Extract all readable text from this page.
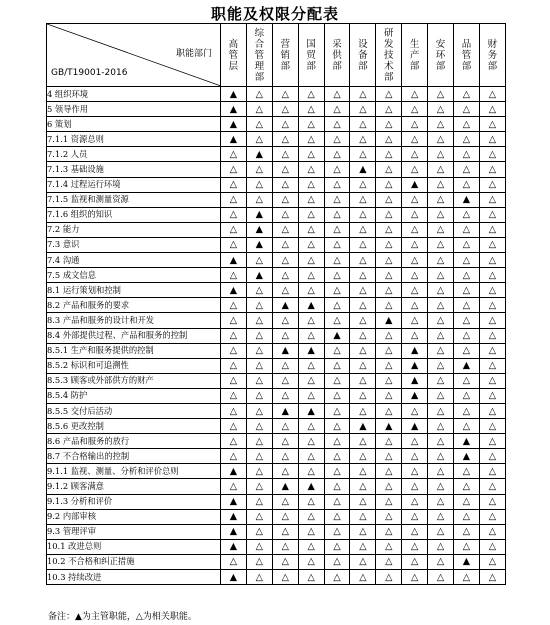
职能及权限分配表
职能部门
GB/T19001-2016	高管层	综合管理部	营销部	国贸部	采供部	设备部	研发技术部	生产部	安环部	品管部	财务部

4 组织环境	▲	△	△	△	△	△	△	△	△	△	△
5 领导作用	▲	△	△	△	△	△	△	△	△	△	△
6 策划	▲	△	△	△	△	△	△	△	△	△	△
7.1.1 资源总则	▲	△	△	△	△	△	△	△	△	△	△
7.1.2 人员	△	▲	△	△	△	△	△	△	△	△	△
7.1.3 基础设施	△	△	△	△	△	▲	△	△	△	△	△
7.1.4 过程运行环境	△	△	△	△	△	△	△	▲	△	△	△
7.1.5 监视和测量资源	△	△	△	△	△	△	△	△	△	▲	△
7.1.6 组织的知识	△	▲	△	△	△	△	△	△	△	△	△
7.2 能力	△	▲	△	△	△	△	△	△	△	△	△
7.3 意识	△	▲	△	△	△	△	△	△	△	△	△
7.4 沟通	▲	△	△	△	△	△	△	△	△	△	△
7.5 成文信息	△	▲	△	△	△	△	△	△	△	△	△
8.1 运行策划和控制	▲	△	△	△	△	△	△	△	△	△	△
8.2 产品和服务的要求	△	△	▲	▲	△	△	△	△	△	△	△
8.3 产品和服务的设计和开发	△	△	△	△	△	△	▲	△	△	△	△
8.4 外部提供过程、产品和服务的控制	△	△	△	△	▲	△	△	△	△	△	△
8.5.1 生产和服务提供的控制	△	△	▲	▲	△	△	△	▲	△	△	△
8.5.2 标识和可追溯性	△	△	△	△	△	△	△	▲	△	▲	△
8.5.3 顾客或外部供方的财产	△	△	△	△	△	△	△	▲	△	△	△
8.5.4 防护	△	△	△	△	△	△	△	▲	△	△	△
8.5.5 交付后活动	△	△	▲	▲	△	△	△	△	△	△	△
8.5.6 更改控制	△	△	△	△	△	▲	▲	▲	△	△	△
8.6 产品和服务的放行	△	△	△	△	△	△	△	△	△	▲	△
8.7 不合格输出的控制	△	△	△	△	△	△	△	△	△	▲	△
9.1.1 监视、测量、分析和评价总则	▲	△	△	△	△	△	△	△	△	△	△
9.1.2 顾客满意	△	△	▲	▲	△	△	△	△	△	△	△
9.1.3 分析和评价	▲	△	△	△	△	△	△	△	△	△	△
9.2 内部审核	▲	△	△	△	△	△	△	△	△	△	△
9.3 管理评审	▲	△	△	△	△	△	△	△	△	△	△
10.1 改进总则	▲	△	△	△	△	△	△	△	△	△	△
10.2 不合格和纠正措施	△	△	△	△	△	△	△	△	△	▲	△
10.3 持续改进	▲	△	△	△	△	△	△	△	△	△	△
备注：▲为主管职能，△为相关职能。
